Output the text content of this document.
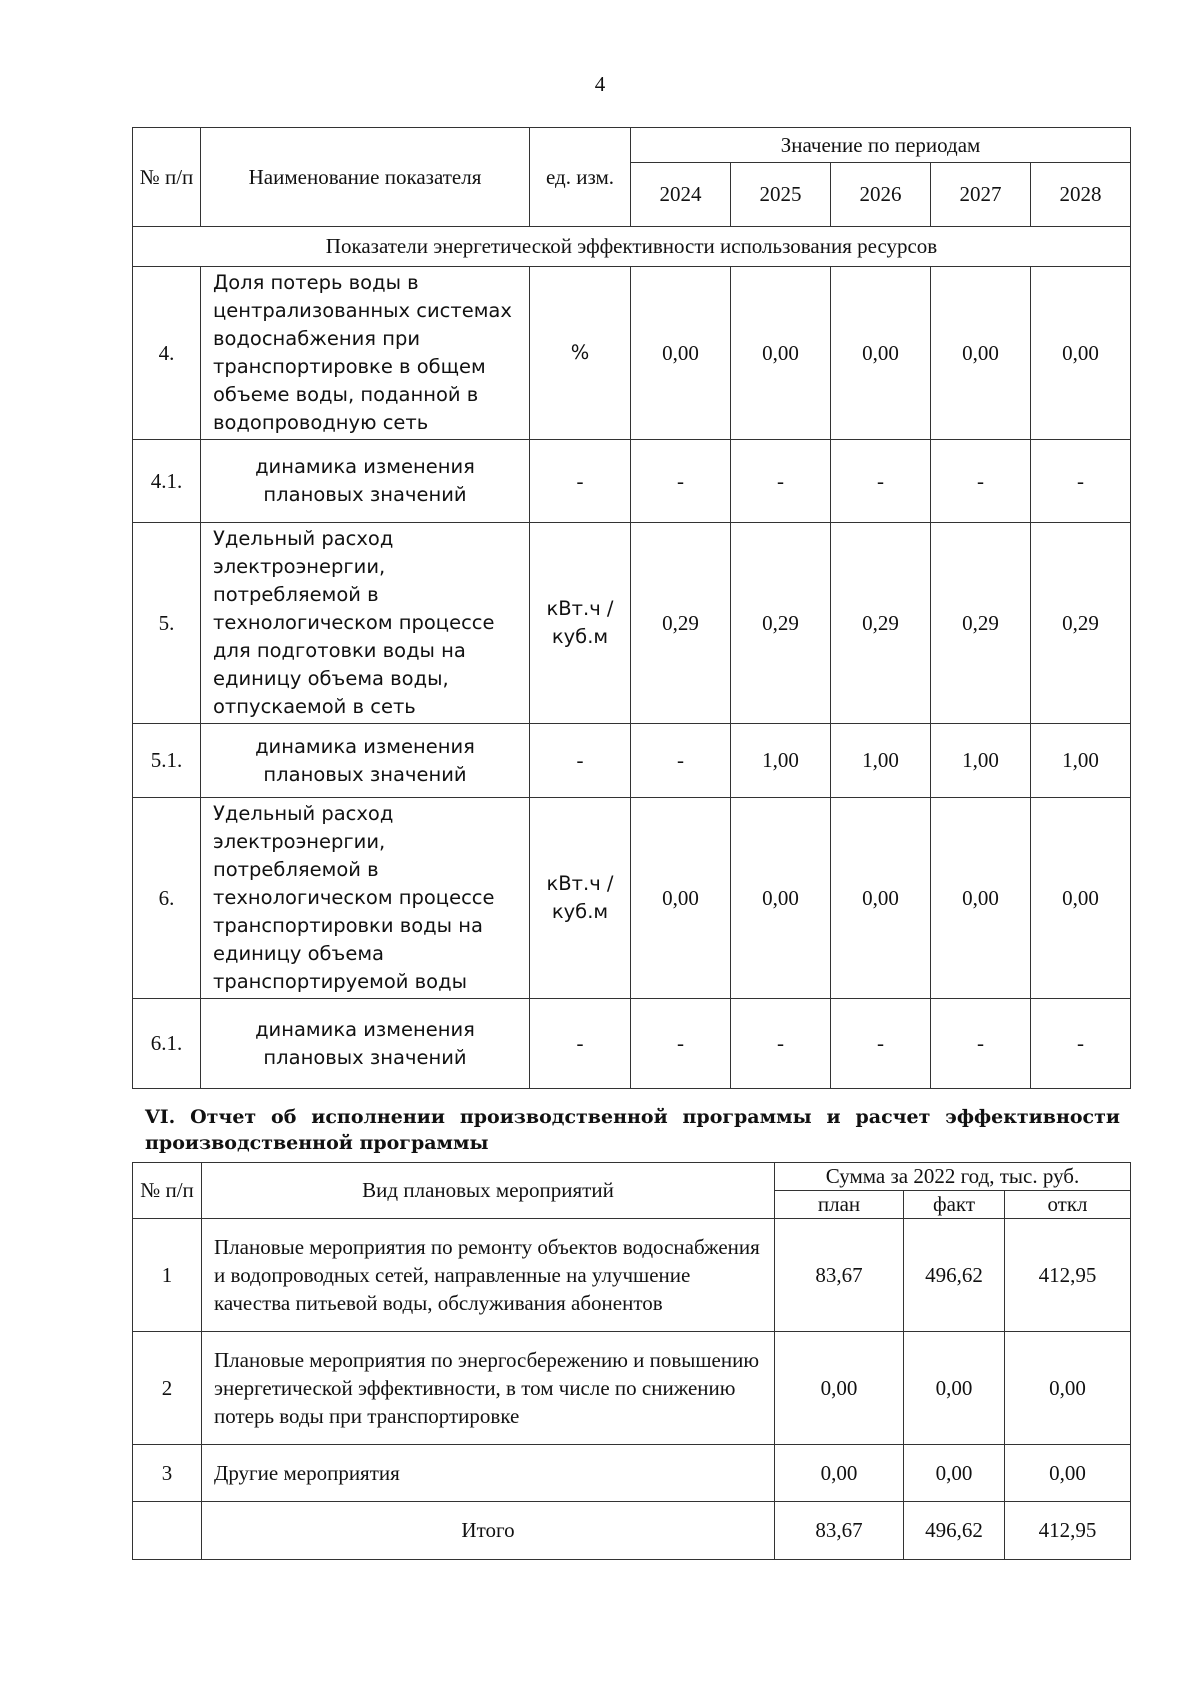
4
№ п/п	Наименование показателя	ед. изм.	Значение по периодам				
			2024	2025	2026	2027	2028
Показатели энергетической эффективности использования ресурсов							
4.	Доля потерь воды в централизованных системах водоснабжения при транспортировке в общем объеме воды, поданной в водопроводную сеть	%	0,00	0,00	0,00	0,00	0,00
4.1.	динамика изменения плановых значений	-	-	-	-	-	-
5.	Удельный расход электроэнергии, потребляемой в технологическом процессе для подготовки воды на единицу объема воды, отпускаемой в сеть	кВт.ч / куб.м	0,29	0,29	0,29	0,29	0,29
5.1.	динамика изменения плановых значений	-	-	1,00	1,00	1,00	1,00
6.	Удельный расход электроэнергии, потребляемой в технологическом процессе транспортировки воды на единицу объема транспортируемой воды	кВт.ч / куб.м	0,00	0,00	0,00	0,00	0,00
6.1.	динамика изменения плановых значений	-	-	-	-	-	-
VI. Отчет об исполнении производственной программы и расчет эффективности производственной программы
№ п/п	Вид плановых мероприятий	Сумма за 2022 год, тыс. руб.		
		план	факт	откл
1	Плановые мероприятия по ремонту объектов водоснабжения и водопроводных сетей, направленные на улучшение качества питьевой воды, обслуживания абонентов	83,67	496,62	412,95
2	Плановые мероприятия по энергосбережению и повышению энергетической эффективности, в том числе по снижению потерь воды при транспортировке	0,00	0,00	0,00
3	Другие мероприятия	0,00	0,00	0,00
	Итого	83,67	496,62	412,95
